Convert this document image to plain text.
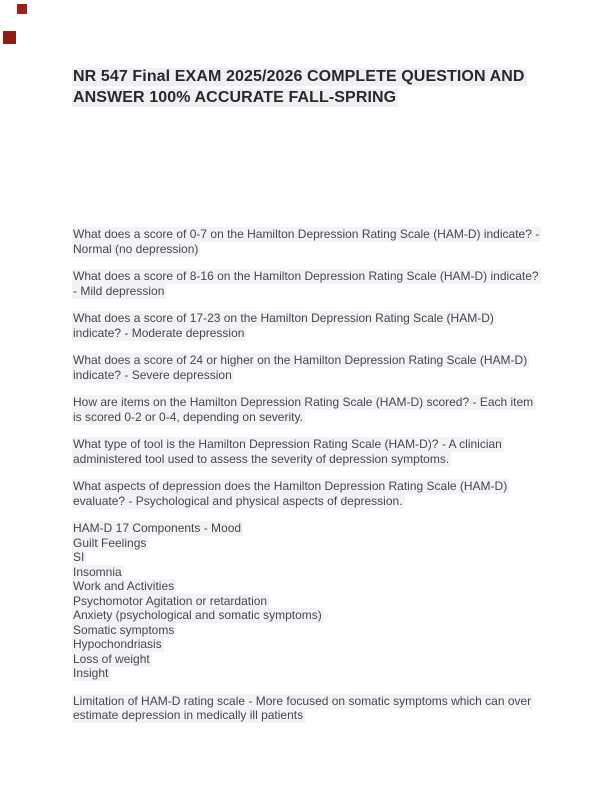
NR 547 Final EXAM 2025/2026 COMPLETE QUESTION AND
ANSWER 100% ACCURATE FALL-SPRING
What does a score of 0-7 on the Hamilton Depression Rating Scale (HAM-D) indicate? -
Normal (no depression)
What does a score of 8-16 on the Hamilton Depression Rating Scale (HAM-D) indicate?
- Mild depression
What does a score of 17-23 on the Hamilton Depression Rating Scale (HAM-D)
indicate? - Moderate depression
What does a score of 24 or higher on the Hamilton Depression Rating Scale (HAM-D)
indicate? - Severe depression
How are items on the Hamilton Depression Rating Scale (HAM-D) scored? - Each item
is scored 0-2 or 0-4, depending on severity.
What type of tool is the Hamilton Depression Rating Scale (HAM-D)? - A clinician
administered tool used to assess the severity of depression symptoms.
What aspects of depression does the Hamilton Depression Rating Scale (HAM-D)
evaluate? - Psychological and physical aspects of depression.
HAM-D 17 Components - Mood
Guilt Feelings
SI
Insomnia
Work and Activities
Psychomotor Agitation or retardation
Anxiety (psychological and somatic symptoms)
Somatic symptoms
Hypochondriasis
Loss of weight
Insight
Limitation of HAM-D rating scale - More focused on somatic symptoms which can over
estimate depression in medically ill patients
